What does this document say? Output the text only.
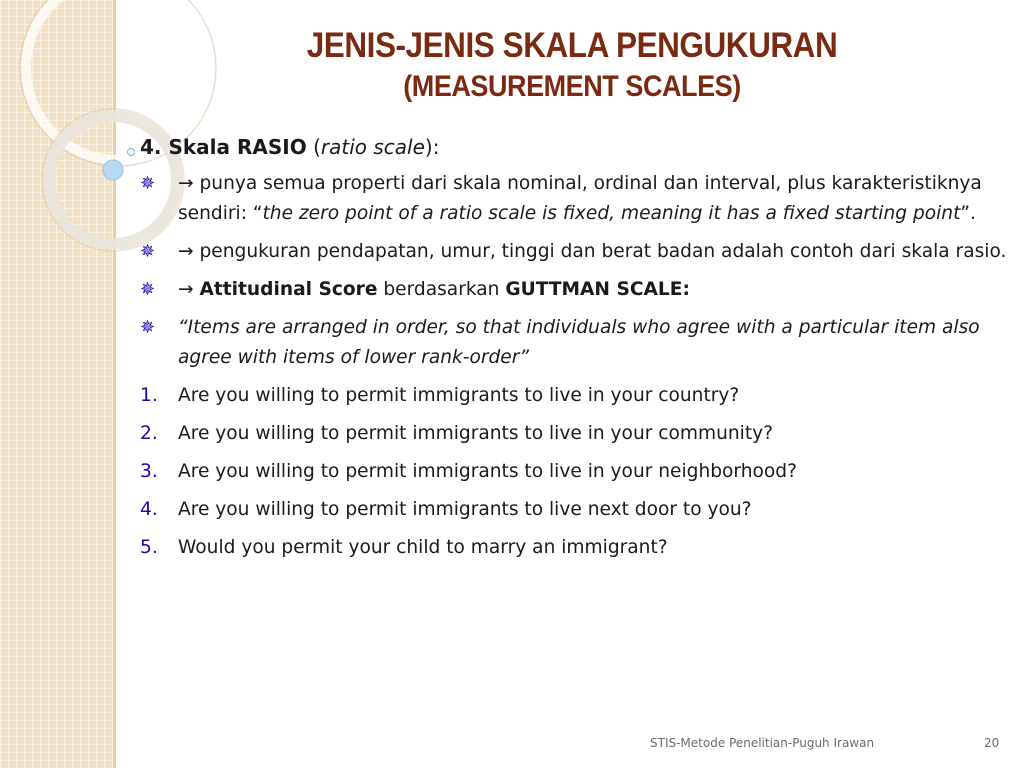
JENIS-JENIS SKALA PENGUKURAN
(MEASUREMENT SCALES)
4. Skala RASIO (ratio scale):
✵ → punya semua properti dari skala nominal, ordinal dan interval, plus karakteristiknya sendiri: “the zero point of a ratio scale is fixed, meaning it has a fixed starting point”.
✵ → pengukuran pendapatan, umur, tinggi dan berat badan adalah contoh dari skala rasio.
✵ → Attitudinal Score berdasarkan GUTTMAN SCALE:
✵ “Items are arranged in order, so that individuals who agree with a particular item also agree with items of lower rank-order”
1. Are you willing to permit immigrants to live in your country?
2. Are you willing to permit immigrants to live in your community?
3. Are you willing to permit immigrants to live in your neighborhood?
4. Are you willing to permit immigrants to live next door to you?
5. Would you permit your child to marry an immigrant?
STIS-Metode Penelitian-Puguh Irawan	20
